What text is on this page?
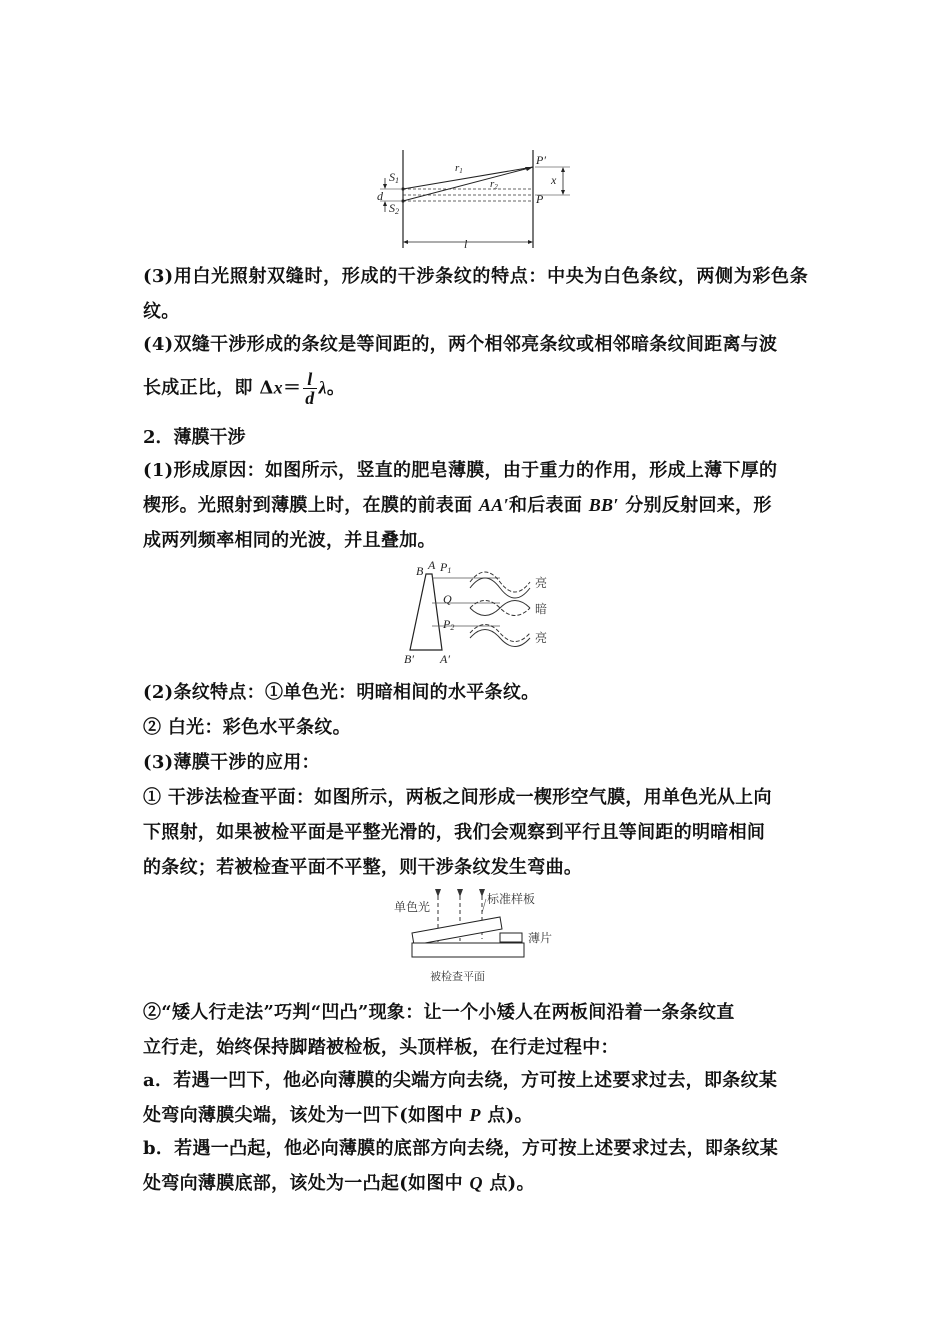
S1
S2
d
r1
r2
P′
P
x
l
(3)用白光照射双缝时，形成的干涉条纹的特点：中央为白色条纹，两侧为彩色条纹。
(4)双缝干涉形成的条纹是等间距的，两个相邻亮条纹或相邻暗条纹间距离与波
长成正比，即 $\Delta x= \frac{l}{d}$ λ。
2．薄膜干涉
(1)形成原因：如图所示，竖直的肥皂薄膜，由于重力的作用，形成上薄下厚的
楔形。光照射到薄膜上时，在膜的前表面 AA′和后表面 BB′ 分别反射回来，形
成两列频率相同的光波，并且叠加。
B A P1
Q
P2
B′ A′
亮
暗
亮
(2)条纹特点：①单色光：明暗相间的水平条纹。
② 白光：彩色水平条纹。
(3)薄膜干涉的应用：
① 干涉法检查平面：如图所示，两板之间形成一楔形空气膜，用单色光从上向
下照射，如果被检平面是平整光滑的，我们会观察到平行且等间距的明暗相间
的条纹；若被检查平面不平整，则干涉条纹发生弯曲。
单色光
标准样板
薄片
被检查平面
②“矮人行走法”巧判“凹凸”现象：让一个小矮人在两板间沿着一条条纹直
立行走，始终保持脚踏被检板，头顶样板，在行走过程中：
a．若遇一凹下，他必向薄膜的尖端方向去绕，方可按上述要求过去，即条纹某
处弯向薄膜尖端，该处为一凹下(如图中 P 点)。
b．若遇一凸起，他必向薄膜的底部方向去绕，方可按上述要求过去，即条纹某
处弯向薄膜底部，该处为一凸起(如图中 Q 点)。
